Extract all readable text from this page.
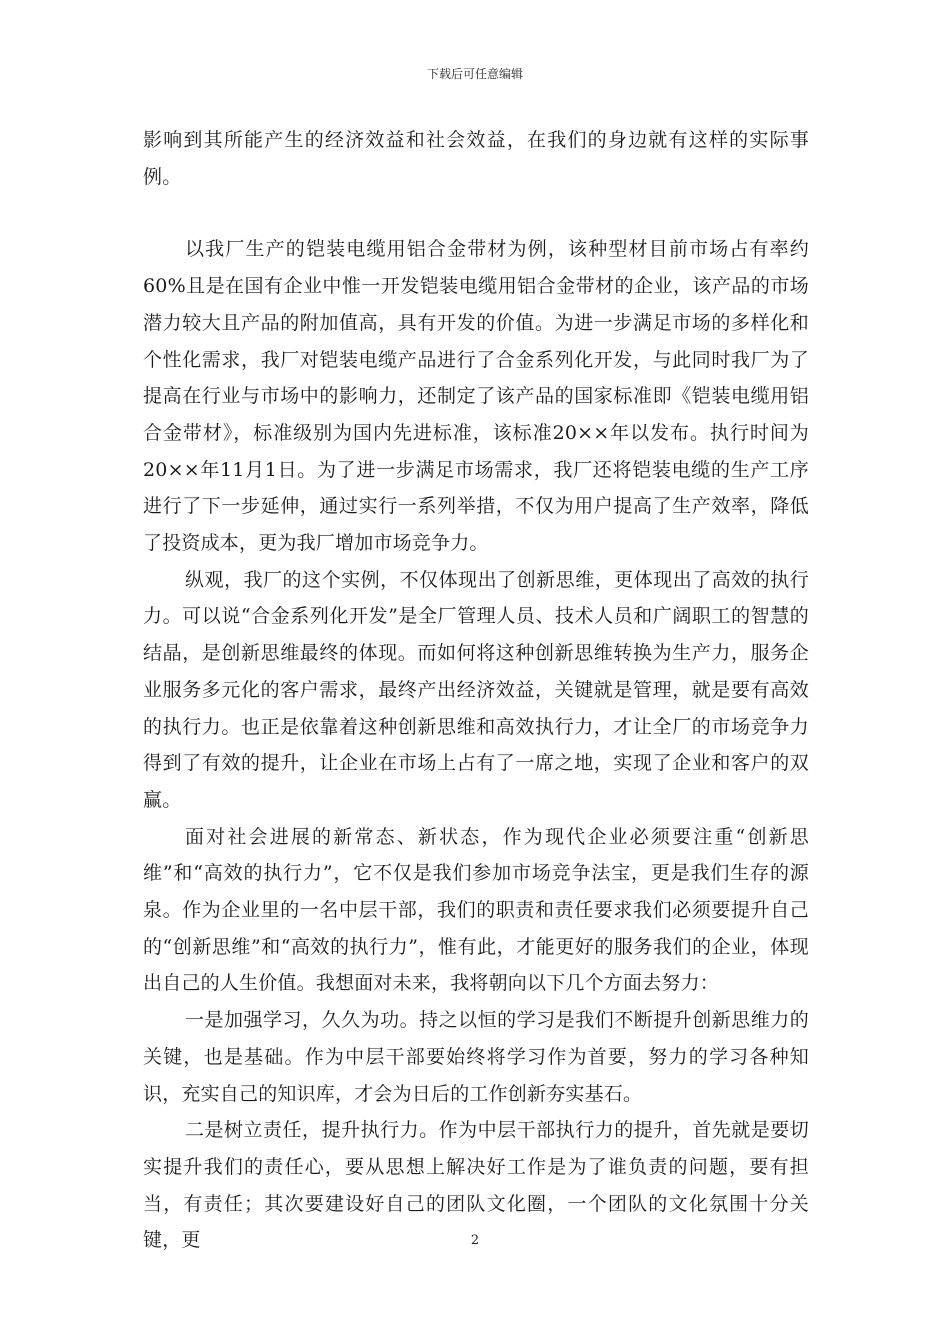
下载后可任意编辑

影响到其所能产生的经济效益和社会效益，在我们的身边就有这样的实际事例。

以我厂生产的铠装电缆用铝合金带材为例，该种型材目前市场占有率约60%且是在国有企业中惟一开发铠装电缆用铝合金带材的企业，该产品的市场潜力较大且产品的附加值高，具有开发的价值。为进一步满足市场的多样化和个性化需求，我厂对铠装电缆产品进行了合金系列化开发，与此同时我厂为了提高在行业与市场中的影响力，还制定了该产品的国家标准即《铠装电缆用铝合金带材》，标准级别为国内先进标准，该标准20××年以发布。执行时间为20××年11月1日。为了进一步满足市场需求，我厂还将铠装电缆的生产工序进行了下一步延伸，通过实行一系列举措，不仅为用户提高了生产效率，降低了投资成本，更为我厂增加市场竞争力。

纵观，我厂的这个实例，不仅体现出了创新思维，更体现出了高效的执行力。可以说“合金系列化开发”是全厂管理人员、技术人员和广阔职工的智慧的结晶，是创新思维最终的体现。而如何将这种创新思维转换为生产力，服务企业服务多元化的客户需求，最终产出经济效益，关键就是管理，就是要有高效的执行力。也正是依靠着这种创新思维和高效执行力，才让全厂的市场竞争力得到了有效的提升，让企业在市场上占有了一席之地，实现了企业和客户的双赢。

面对社会进展的新常态、新状态，作为现代企业必须要注重“创新思维”和“高效的执行力”，它不仅是我们参加市场竞争法宝，更是我们生存的源泉。作为企业里的一名中层干部，我们的职责和责任要求我们必须要提升自己的“创新思维”和“高效的执行力”，惟有此，才能更好的服务我们的企业，体现出自己的人生价值。我想面对未来，我将朝向以下几个方面去努力：

一是加强学习，久久为功。持之以恒的学习是我们不断提升创新思维力的关键，也是基础。作为中层干部要始终将学习作为首要，努力的学习各种知识，充实自己的知识库，才会为日后的工作创新夯实基石。

二是树立责任，提升执行力。作为中层干部执行力的提升，首先就是要切实提升我们的责任心，要从思想上解决好工作是为了谁负责的问题，要有担当，有责任；其次要建设好自己的团队文化圈，一个团队的文化氛围十分关键，更	2
